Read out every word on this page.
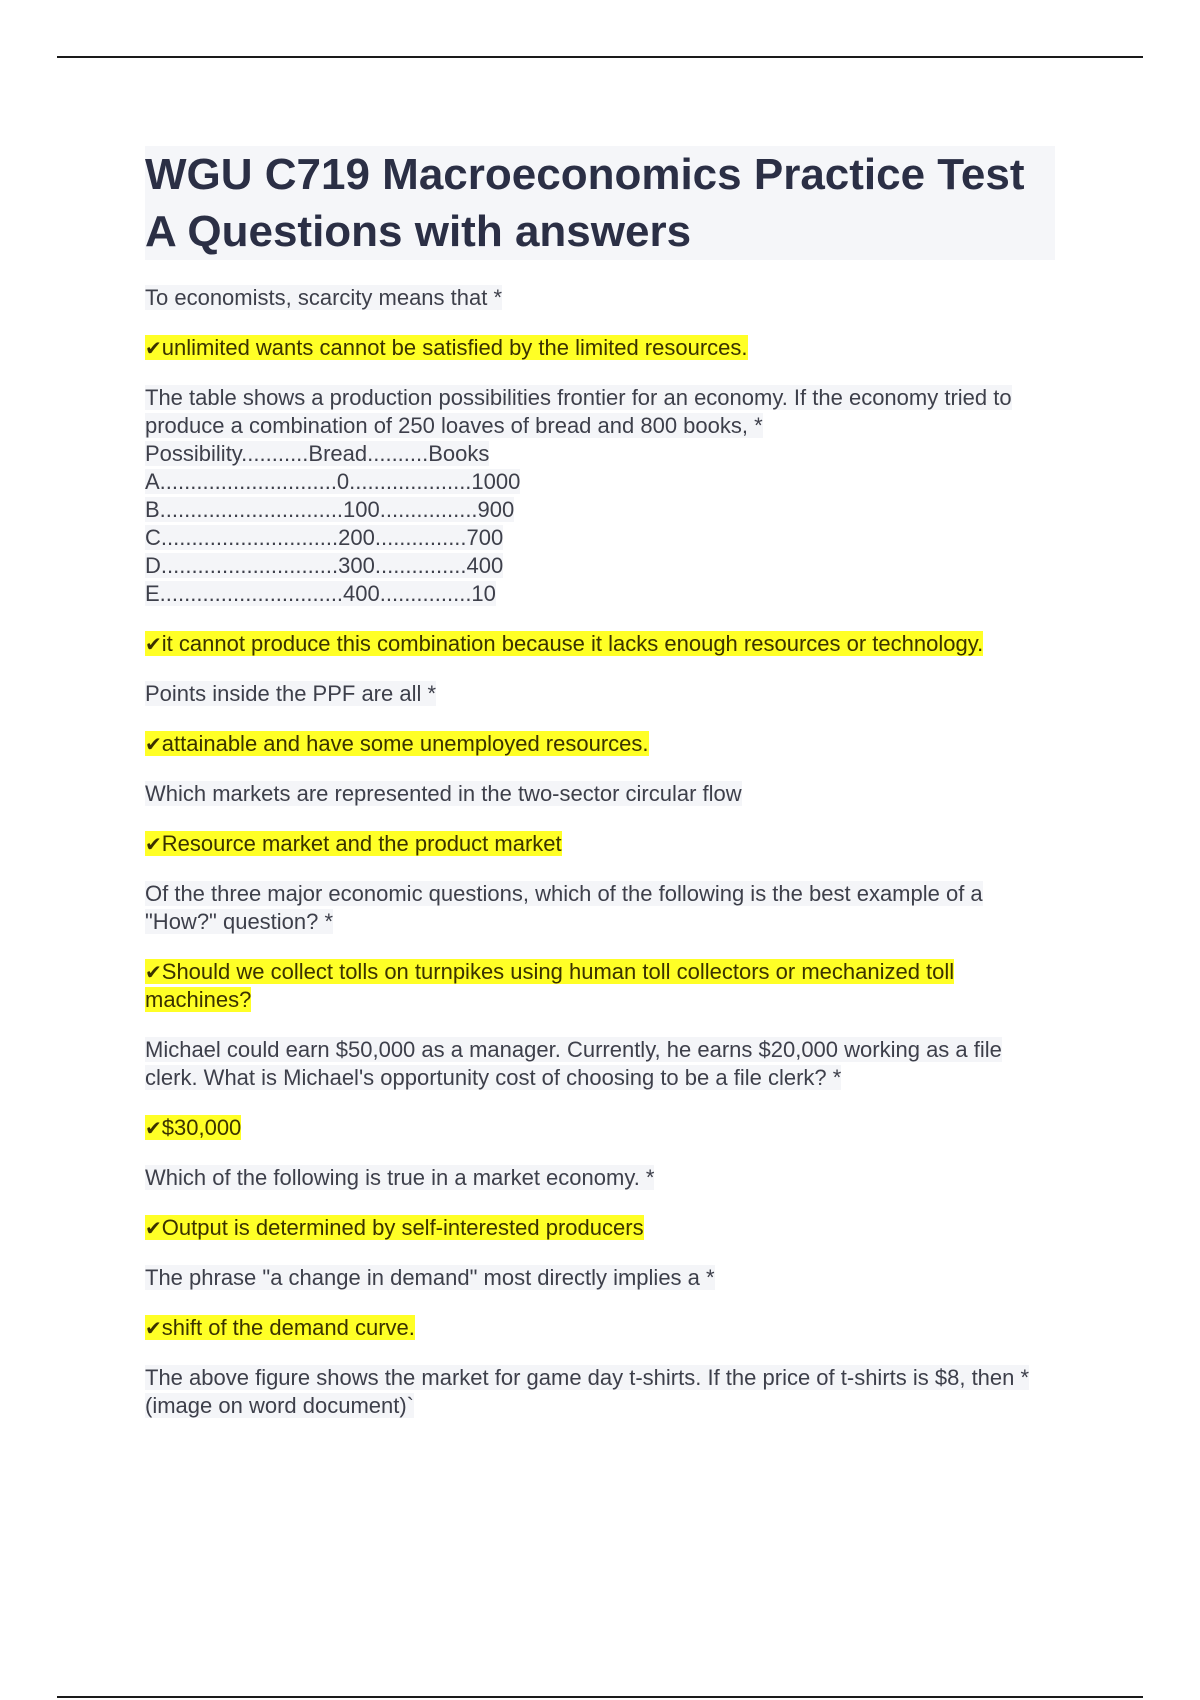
WGU C719 Macroeconomics Practice Test A Questions with answers

To economists, scarcity means that *

✔unlimited wants cannot be satisfied by the limited resources.

The table shows a production possibilities frontier for an economy. If the economy tried to produce a combination of 250 loaves of bread and 800 books, *
Possibility...........Bread..........Books
A.............................0....................1000
B..............................100................900
C.............................200...............700
D.............................300...............400
E..............................400...............10

✔it cannot produce this combination because it lacks enough resources or technology.

Points inside the PPF are all *

✔attainable and have some unemployed resources.

Which markets are represented in the two-sector circular flow

✔Resource market and the product market

Of the three major economic questions, which of the following is the best example of a "How?" question? *

✔Should we collect tolls on turnpikes using human toll collectors or mechanized toll machines?

Michael could earn $50,000 as a manager. Currently, he earns $20,000 working as a file clerk. What is Michael's opportunity cost of choosing to be a file clerk? *

✔$30,000

Which of the following is true in a market economy. *

✔Output is determined by self-interested producers

The phrase "a change in demand" most directly implies a *

✔shift of the demand curve.

The above figure shows the market for game day t-shirts. If the price of t-shirts is $8, then * (image on word document)`
